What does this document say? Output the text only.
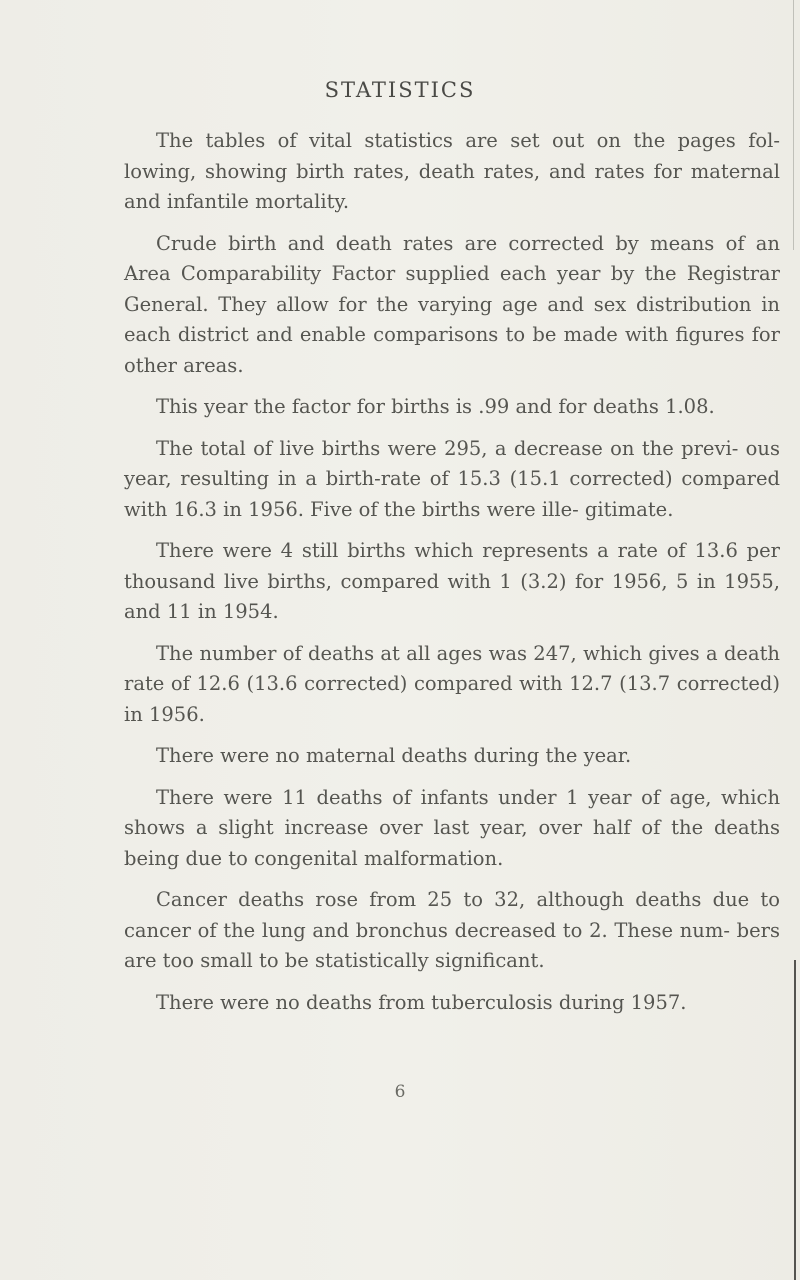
STATISTICS

The tables of vital statistics are set out on the pages fol- lowing, showing birth rates, death rates, and rates for maternal and infantile mortality.

Crude birth and death rates are corrected by means of an Area Comparability Factor supplied each year by the Registrar General. They allow for the varying age and sex distribution in each district and enable comparisons to be made with figures for other areas.

This year the factor for births is .99 and for deaths 1.08.

The total of live births were 295, a decrease on the previ- ous year, resulting in a birth-rate of 15.3 (15.1 corrected) compared with 16.3 in 1956. Five of the births were ille- gitimate.

There were 4 still births which represents a rate of 13.6 per thousand live births, compared with 1 (3.2) for 1956, 5 in 1955, and 11 in 1954.

The number of deaths at all ages was 247, which gives a death rate of 12.6 (13.6 corrected) compared with 12.7 (13.7 corrected) in 1956.

There were no maternal deaths during the year.

There were 11 deaths of infants under 1 year of age, which shows a slight increase over last year, over half of the deaths being due to congenital malformation.

Cancer deaths rose from 25 to 32, although deaths due to cancer of the lung and bronchus decreased to 2. These num- bers are too small to be statistically significant.

There were no deaths from tuberculosis during 1957.

6
